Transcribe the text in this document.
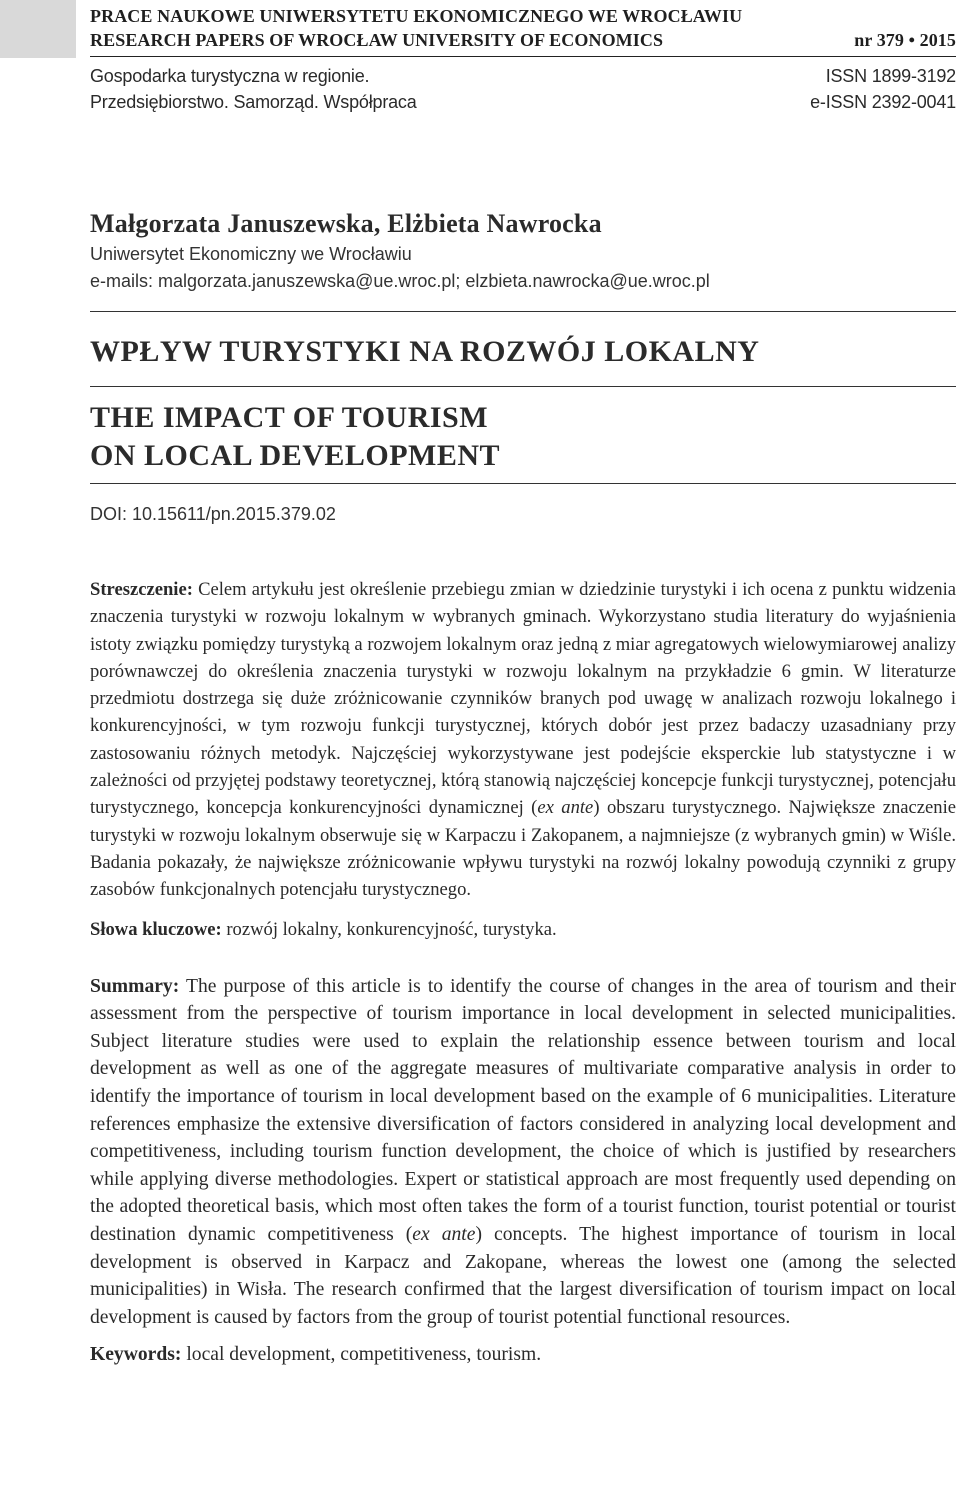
PRACE NAUKOWE UNIWERSYTETU EKONOMICZNEGO WE WROCŁAWIU
RESEARCH PAPERS OF WROCŁAW UNIVERSITY OF ECONOMICS	nr 379 • 2015
Gospodarka turystyczna w regionie.
Przedsiębiorstwo. Samorząd. Współpraca
ISSN 1899-3192
e-ISSN 2392-0041
Małgorzata Januszewska, Elżbieta Nawrocka
Uniwersytet Ekonomiczny we Wrocławiu
e-mails: malgorzata.januszewska@ue.wroc.pl; elzbieta.nawrocka@ue.wroc.pl
WPŁYW TURYSTYKI NA ROZWÓJ LOKALNY
THE IMPACT OF TOURISM
ON LOCAL DEVELOPMENT
DOI: 10.15611/pn.2015.379.02
Streszczenie: Celem artykułu jest określenie przebiegu zmian w dziedzinie turystyki i ich ocena z punktu widzenia znaczenia turystyki w rozwoju lokalnym w wybranych gminach. Wykorzystano studia literatury do wyjaśnienia istoty związku pomiędzy turystyką a rozwojem lokalnym oraz jedną z miar agregatowych wielowymiarowej analizy porównawczej do określenia znaczenia turystyki w rozwoju lokalnym na przykładzie 6 gmin. W literaturze przedmiotu dostrzega się duże zróżnicowanie czynników branych pod uwagę w analizach rozwoju lokalnego i konkurencyjności, w tym rozwoju funkcji turystycznej, których dobór jest przez badaczy uzasadniany przy zastosowaniu różnych metodyk. Najczęściej wykorzystywane jest podejście eksperckie lub statystyczne i w zależności od przyjętej podstawy teoretycznej, którą stanowią najczęściej koncepcje funkcji turystycznej, potencjału turystycznego, koncepcja konkurencyjności dynamicznej (ex ante) obszaru turystycznego. Największe znaczenie turystyki w rozwoju lokalnym obserwuje się w Karpaczu i Zakopanem, a najmniejsze (z wybranych gmin) w Wiśle. Badania pokazały, że największe zróżnicowanie wpływu turystyki na rozwój lokalny powodują czynniki z grupy zasobów funkcjonalnych potencjału turystycznego.
Słowa kluczowe: rozwój lokalny, konkurencyjność, turystyka.
Summary: The purpose of this article is to identify the course of changes in the area of tourism and their assessment from the perspective of tourism importance in local development in selected municipalities. Subject literature studies were used to explain the relationship essence between tourism and local development as well as one of the aggregate measures of multivariate comparative analysis in order to identify the importance of tourism in local development based on the example of 6 municipalities. Literature references emphasize the extensive diversification of factors considered in analyzing local development and competitiveness, including tourism function development, the choice of which is justified by researchers while applying diverse methodologies. Expert or statistical approach are most frequently used depending on the adopted theoretical basis, which most often takes the form of a tourist function, tourist potential or tourist destination dynamic competitiveness (ex ante) concepts. The highest importance of tourism in local development is observed in Karpacz and Zakopane, whereas the lowest one (among the selected municipalities) in Wisła. The research confirmed that the largest diversification of tourism impact on local development is caused by factors from the group of tourist potential functional resources.
Keywords: local development, competitiveness, tourism.
